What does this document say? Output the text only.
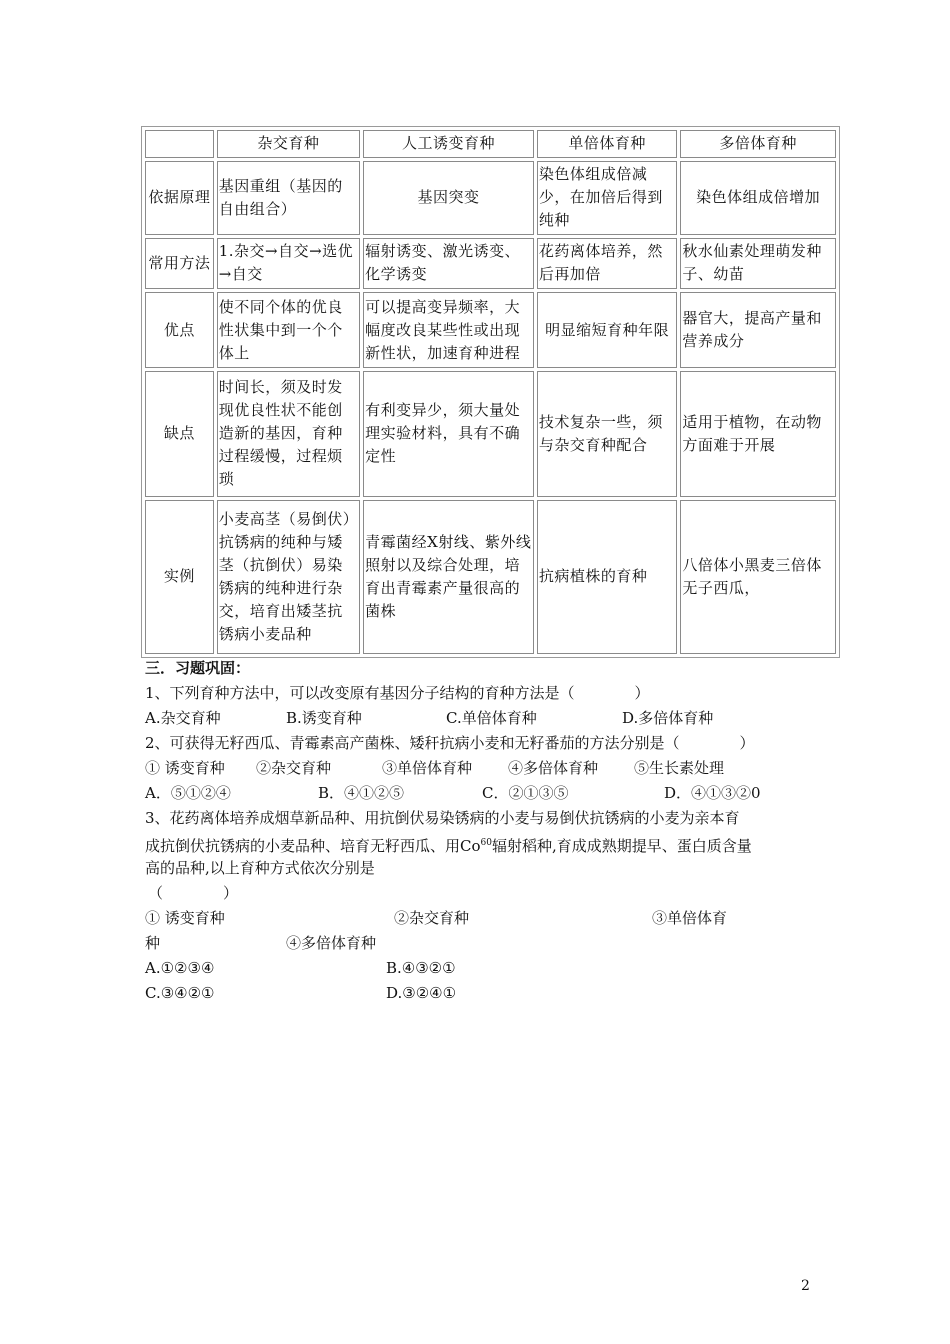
	杂交育种	人工诱变育种	单倍体育种	多倍体育种
依据原理	基因重组（基因的自由组合）	基因突变	染色体组成倍减少，在加倍后得到纯种	染色体组成倍增加
常用方法	1.杂交→自交→选优→自交	辐射诱变、激光诱变、化学诱变	花药离体培养，然后再加倍	秋水仙素处理萌发种子、幼苗
优点	使不同个体的优良性状集中到一个个体上	可以提高变异频率，大幅度改良某些性或出现新性状，加速育种进程	明显缩短育种年限	器官大，提高产量和营养成分
缺点	时间长，须及时发现优良性状不能创造新的基因，育种过程缓慢，过程烦琐	有利变异少，须大量处理实验材料，具有不确定性	技术复杂一些，须与杂交育种配合	适用于植物，在动物方面难于开展
实例	小麦高茎（易倒伏）抗锈病的纯种与矮茎（抗倒伏）易染锈病的纯种进行杂交，培育出矮茎抗锈病小麦品种	青霉菌经X射线、紫外线照射以及综合处理，培育出青霉素产量很高的菌株	抗病植株的育种	八倍体小黑麦三倍体无子西瓜，
三．习题巩固：
1、下列育种方法中，可以改变原有基因分子结构的育种方法是（　　　　）
A.杂交育种	B.诱变育种	C.单倍体育种	D.多倍体育种
2、可获得无籽西瓜、青霉素高产菌株、矮秆抗病小麦和无籽番茄的方法分别是（　　　　）
① 诱变育种 ②杂交育种	③单倍体育种 ④多倍体育种 ⑤生长素处理
A．⑤①②④	B．④①②⑤	C．②①③⑤	D．④①③②0
3、花药离体培养成烟草新品种、用抗倒伏易染锈病的小麦与易倒伏抗锈病的小麦为亲本育
成抗倒伏抗锈病的小麦品种、培育无籽西瓜、用Co$^{60}$辐射稻种,育成成熟期提早、蛋白质含量
高的品种,以上育种方式依次分别是
（　　　　）
① 诱变育种	②杂交育种	③单倍体育
种	④多倍体育种
A.①②③④	B.④③②①
C.③④②①	D.③②④①
2
